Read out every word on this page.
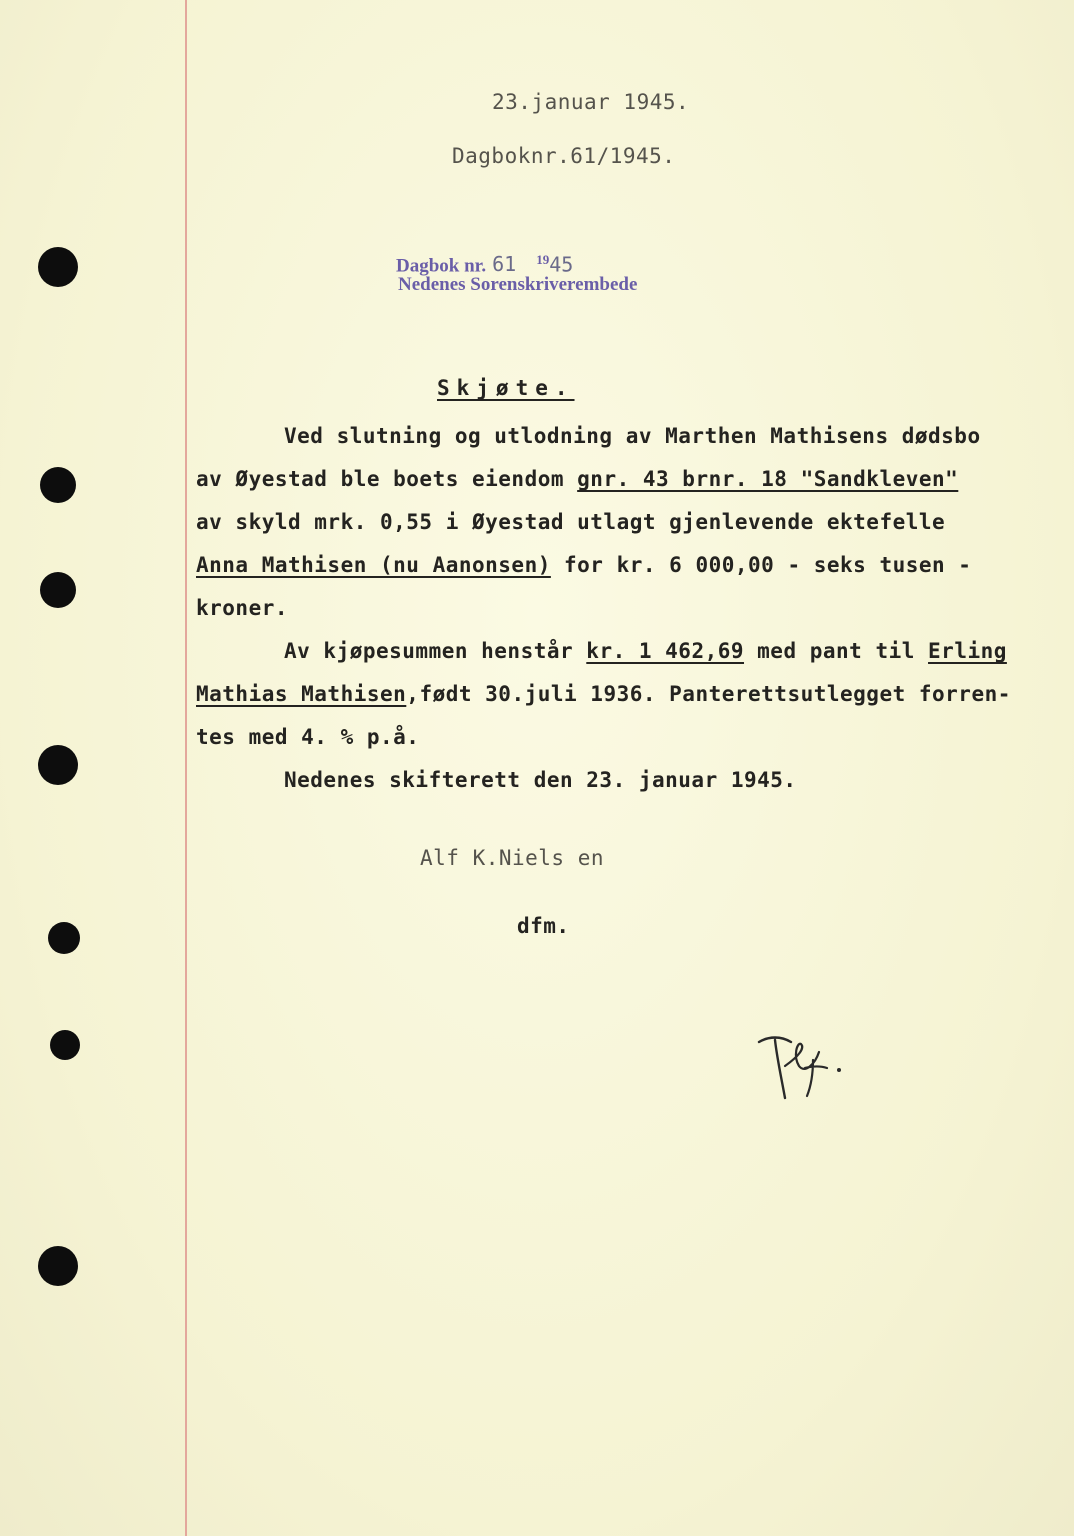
23.januar 1945.
Dagboknr.61/1945.
Dagbok nr. 61 $^{19}$45
Nedenes Sorenskriverembede
Skjøte.
Ved slutning og utlodning av Marthen Mathisens dødsbo
av Øyestad ble boets eiendom gnr. 43 brnr. 18 "Sandkleven"
av skyld mrk. 0,55 i Øyestad utlagt gjenlevende ektefelle
Anna Mathisen (nu Aanonsen) for kr. 6 000,00 - seks tusen -
kroner.
Av kjøpesummen henstår kr. 1 462,69 med pant til Erling
Mathias Mathisen,født 30.juli 1936. Panterettsutlegget forren-
tes med 4. % p.å.
Nedenes skifterett den 23. januar 1945.
Alf K.Niels en
dfm.
